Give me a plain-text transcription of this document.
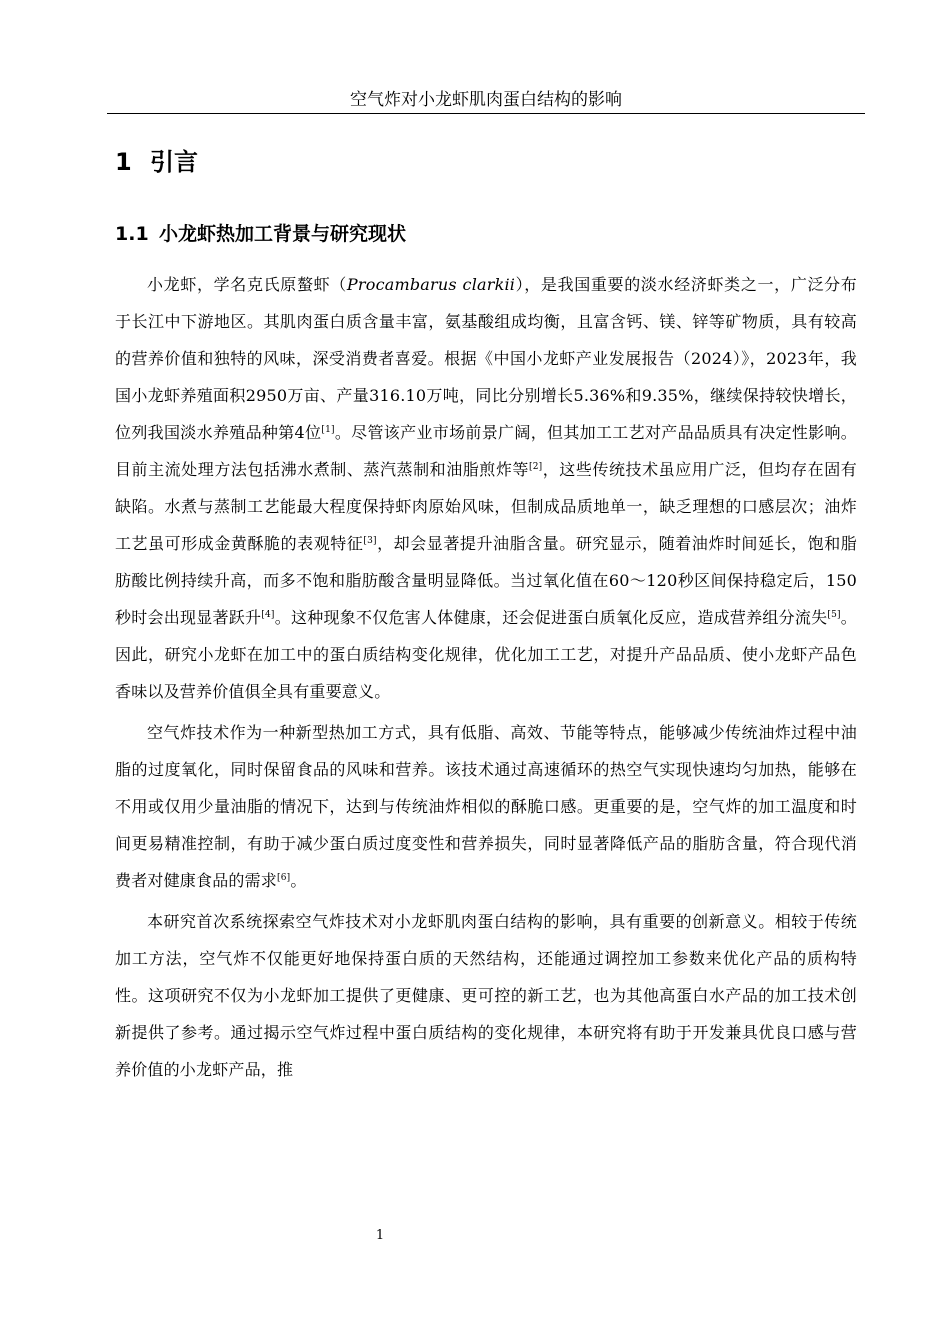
空气炸对小龙虾肌肉蛋白结构的影响
1 引言
1.1 小龙虾热加工背景与研究现状

小龙虾，学名克氏原螯虾（Procambarus clarkii），是我国重要的淡水经济虾类之一，广泛分布于长江中下游地区。其肌肉蛋白质含量丰富，氨基酸组成均衡，且富含钙、镁、锌等矿物质，具有较高的营养价值和独特的风味，深受消费者喜爱。根据《中国小龙虾产业发展报告（2024）》，2023年，我国小龙虾养殖面积2950万亩、产量316.10万吨，同比分别增长5.36%和9.35%，继续保持较快增长，位列我国淡水养殖品种第4位[1]。尽管该产业市场前景广阔，但其加工工艺对产品品质具有决定性影响。目前主流处理方法包括沸水煮制、蒸汽蒸制和油脂煎炸等[2]，这些传统技术虽应用广泛，但均存在固有缺陷。水煮与蒸制工艺能最大程度保持虾肉原始风味，但制成品质地单一，缺乏理想的口感层次；油炸工艺虽可形成金黄酥脆的表观特征[3]，却会显著提升油脂含量。研究显示，随着油炸时间延长，饱和脂肪酸比例持续升高，而多不饱和脂肪酸含量明显降低。当过氧化值在60～120秒区间保持稳定后，150秒时会出现显著跃升[4]。这种现象不仅危害人体健康，还会促进蛋白质氧化反应，造成营养组分流失[5]。因此，研究小龙虾在加工中的蛋白质结构变化规律，优化加工工艺，对提升产品品质、使小龙虾产品色香味以及营养价值俱全具有重要意义。

空气炸技术作为一种新型热加工方式，具有低脂、高效、节能等特点，能够减少传统油炸过程中油脂的过度氧化，同时保留食品的风味和营养。该技术通过高速循环的热空气实现快速均匀加热，能够在不用或仅用少量油脂的情况下，达到与传统油炸相似的酥脆口感。更重要的是，空气炸的加工温度和时间更易精准控制，有助于减少蛋白质过度变性和营养损失，同时显著降低产品的脂肪含量，符合现代消费者对健康食品的需求[6]。

本研究首次系统探索空气炸技术对小龙虾肌肉蛋白结构的影响，具有重要的创新意义。相较于传统加工方法，空气炸不仅能更好地保持蛋白质的天然结构，还能通过调控加工参数来优化产品的质构特性。这项研究不仅为小龙虾加工提供了更健康、更可控的新工艺，也为其他高蛋白水产品的加工技术创新提供了参考。通过揭示空气炸过程中蛋白质结构的变化规律，本研究将有助于开发兼具优良口感与营养价值的小龙虾产品，推

1
